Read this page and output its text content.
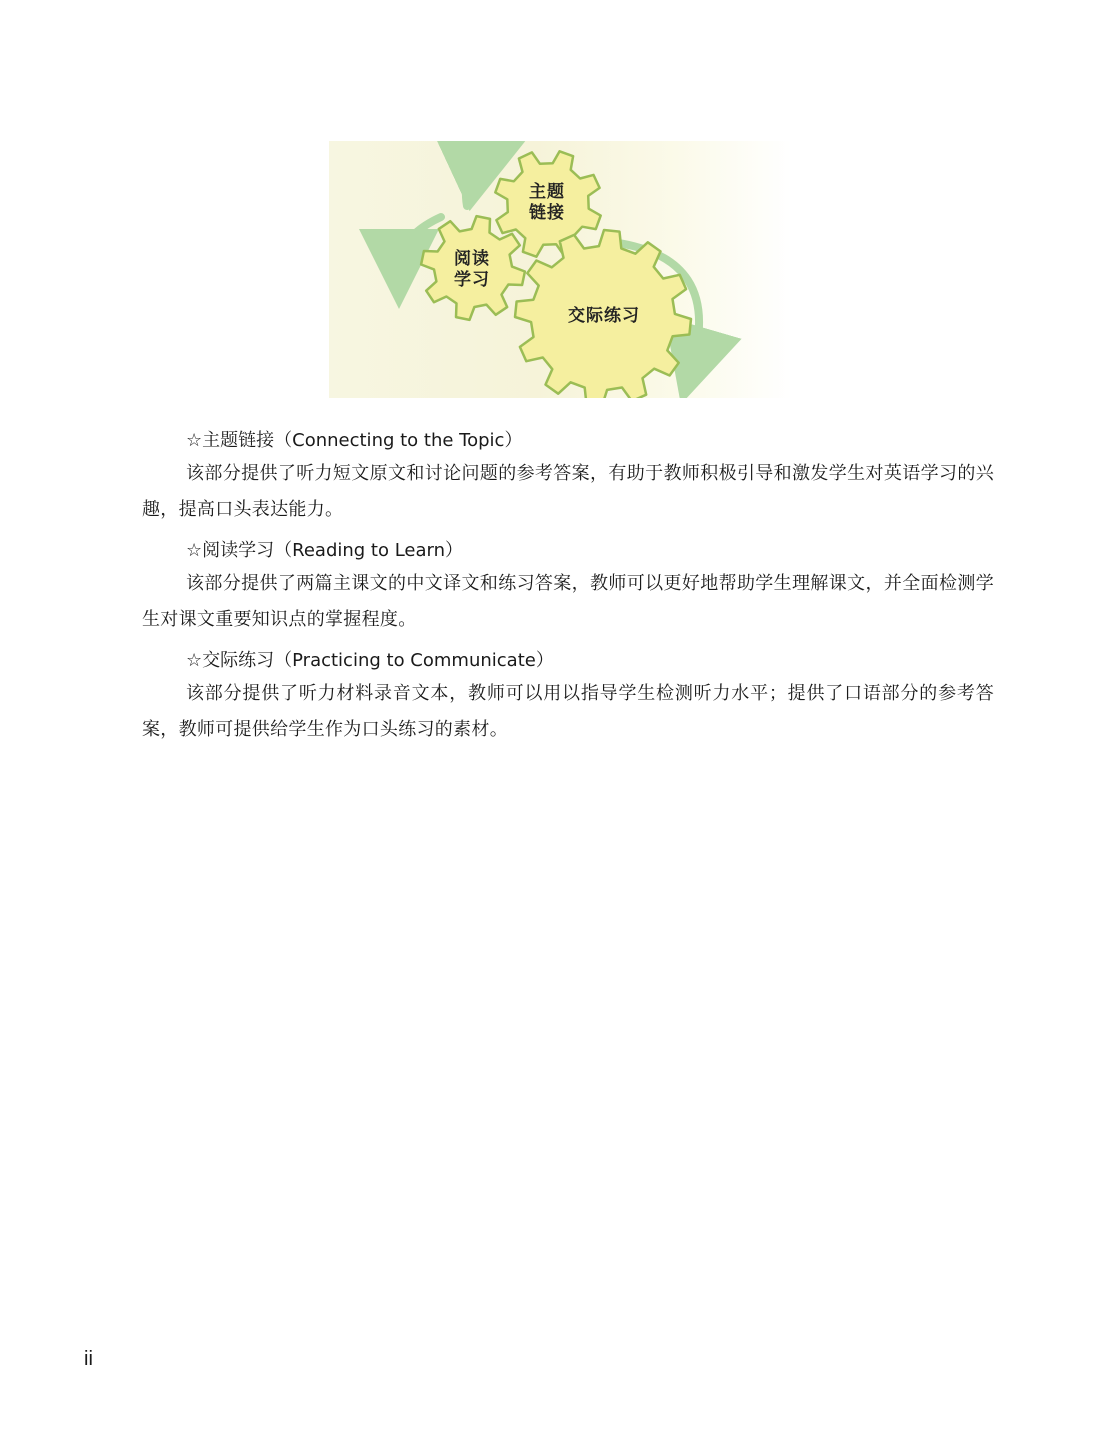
主题
链接
阅读
学习
交际练习

☆主题链接（Connecting to the Topic）

该部分提供了听力短文原文和讨论问题的参考答案，有助于教师积极引导和激发学生对英语学习的兴趣，提高口头表达能力。

☆阅读学习（Reading to Learn）

该部分提供了两篇主课文的中文译文和练习答案，教师可以更好地帮助学生理解课文，并全面检测学生对课文重要知识点的掌握程度。

☆交际练习（Practicing to Communicate）

该部分提供了听力材料录音文本，教师可以用以指导学生检测听力水平；提供了口语部分的参考答案，教师可提供给学生作为口头练习的素材。

ii
